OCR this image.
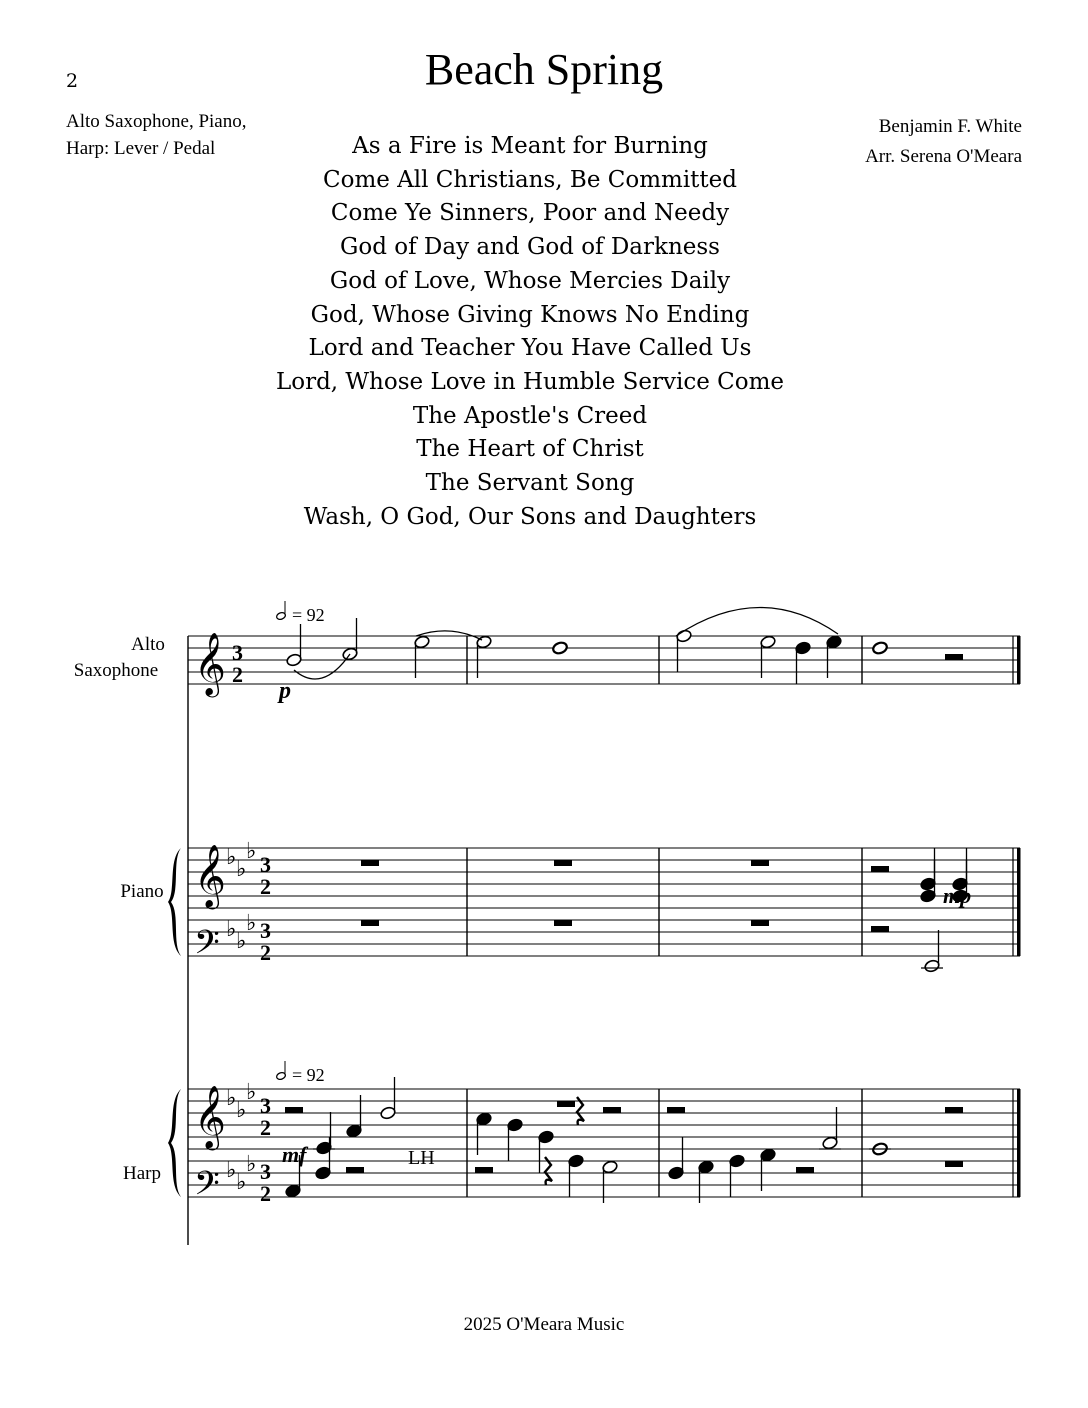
2	Beach Spring
Alto Saxophone, Piano,
Harp: Lever / Pedal
Benjamin F. White
Arr. Serena O'Meara
As a Fire is Meant for Burning
Come All Christians, Be Committed
Come Ye Sinners, Poor and Needy
God of Day and God of Darkness
God of Love, Whose Mercies Daily
God, Whose Giving Knows No Ending
Lord and Teacher You Have Called Us
Lord, Whose Love in Humble Service Come
The Apostle's Creed
The Heart of Christ
The Servant Song
Wash, O God, Our Sons and Daughters
Alto
Saxophone
Piano
Harp
𝄞
𝄞
𝄢
𝄞
𝄢
♭ ♭
♭
♭ ♭
♭
♭ ♭
♭
♭ ♭
♭
3
2
3
2
3
2
3
2
3
2
= 92
= 92
p
mp
mf	LH
2025 O'Meara Music
